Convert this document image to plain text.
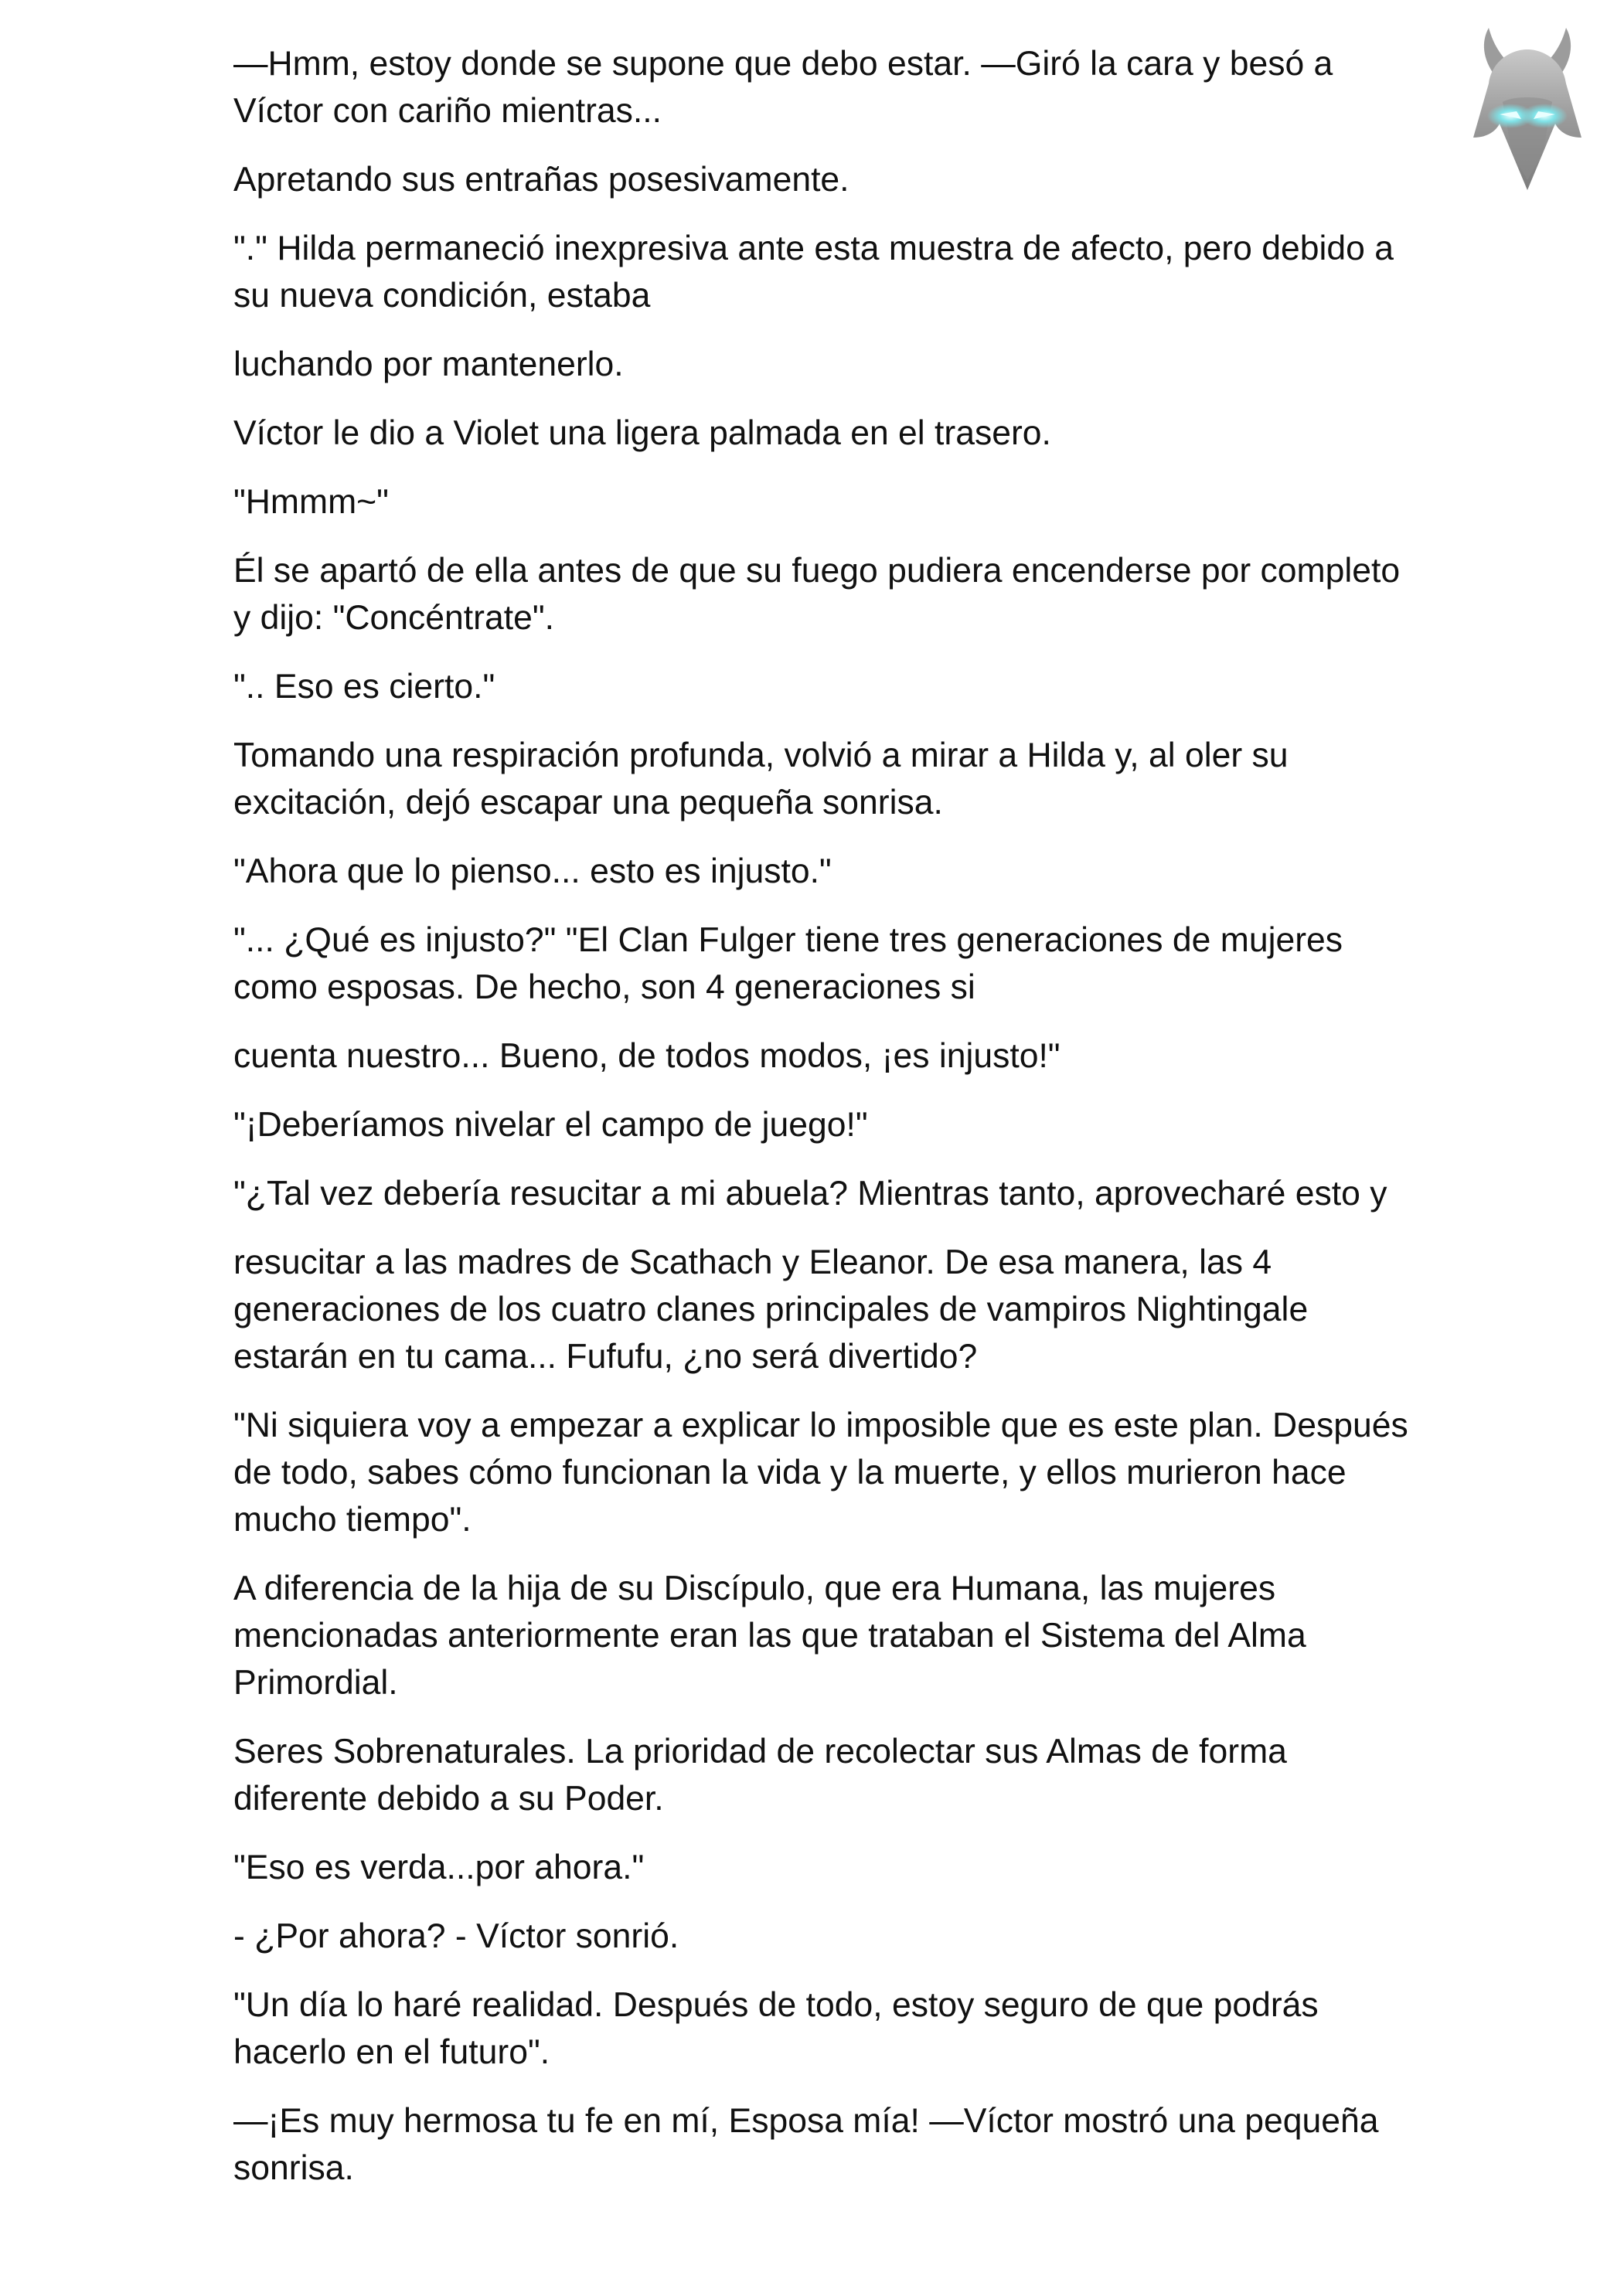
—Hmm, estoy donde se supone que debo estar. —Giró la cara y besó a Víctor con cariño mientras...

Apretando sus entrañas posesivamente.

"." Hilda permaneció inexpresiva ante esta muestra de afecto, pero debido a su nueva condición, estaba

luchando por mantenerlo.

Víctor le dio a Violet una ligera palmada en el trasero.

"Hmmm~"

Él se apartó de ella antes de que su fuego pudiera encenderse por completo y dijo: "Concéntrate".

".. Eso es cierto."

Tomando una respiración profunda, volvió a mirar a Hilda y, al oler su excitación, dejó escapar una pequeña sonrisa.

"Ahora que lo pienso... esto es injusto."

"... ¿Qué es injusto?" "El Clan Fulger tiene tres generaciones de mujeres como esposas. De hecho, son 4 generaciones si

cuenta nuestro... Bueno, de todos modos, ¡es injusto!"

"¡Deberíamos nivelar el campo de juego!"

"¿Tal vez debería resucitar a mi abuela? Mientras tanto, aprovecharé esto y

resucitar a las madres de Scathach y Eleanor. De esa manera, las 4 generaciones de los cuatro clanes principales de vampiros Nightingale estarán en tu cama... Fufufu, ¿no será divertido?

"Ni siquiera voy a empezar a explicar lo imposible que es este plan. Después de todo, sabes cómo funcionan la vida y la muerte, y ellos murieron hace mucho tiempo".

A diferencia de la hija de su Discípulo, que era Humana, las mujeres mencionadas anteriormente eran las que trataban el Sistema del Alma Primordial.

Seres Sobrenaturales. La prioridad de recolectar sus Almas de forma diferente debido a su Poder.

"Eso es verda...por ahora."

- ¿Por ahora? - Víctor sonrió.

"Un día lo haré realidad. Después de todo, estoy seguro de que podrás hacerlo en el futuro".

—¡Es muy hermosa tu fe en mí, Esposa mía! —Víctor mostró una pequeña sonrisa.
